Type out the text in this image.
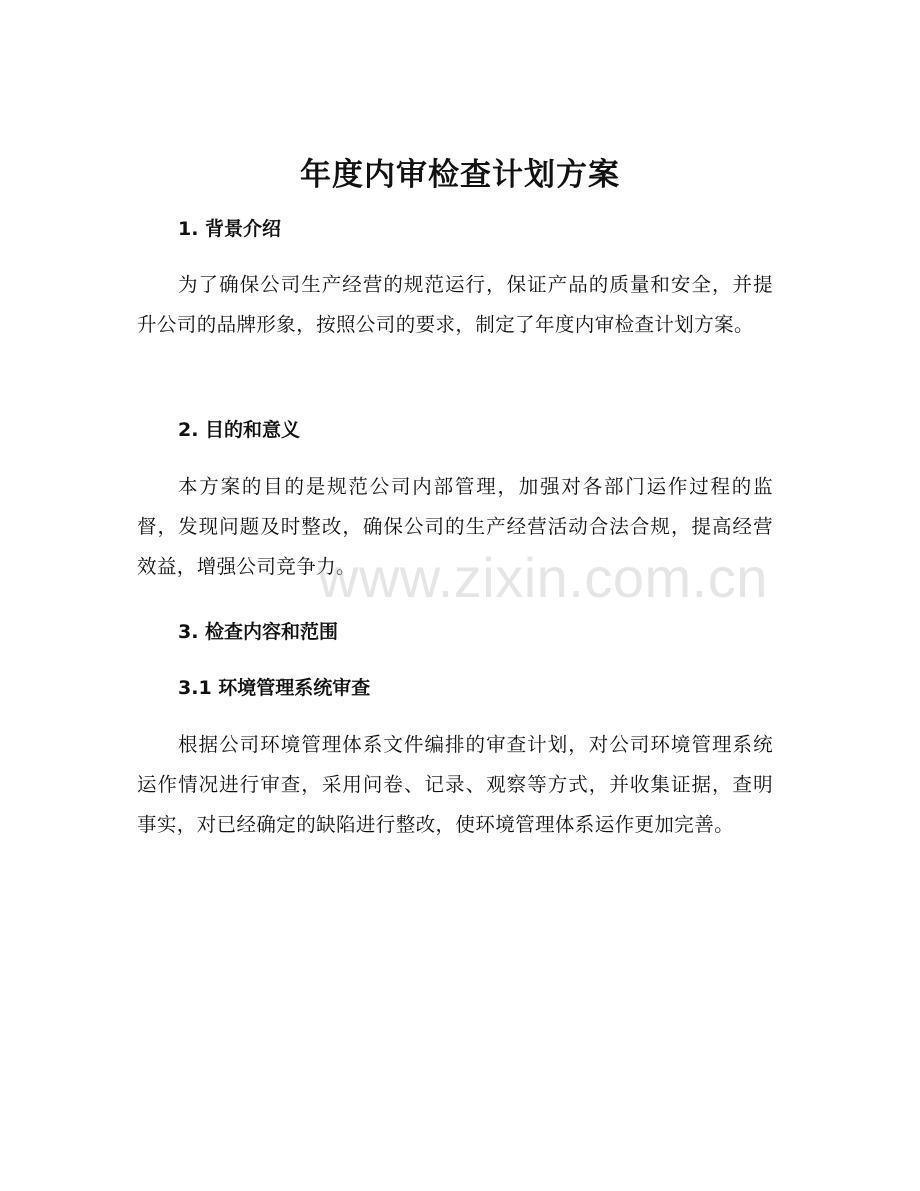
年度内审检查计划方案
1. 背景介绍

为了确保公司生产经营的规范运行，保证产品的质量和安全，并提升公司的品牌形象，按照公司的要求，制定了年度内审检查计划方案。

2. 目的和意义

本方案的目的是规范公司内部管理，加强对各部门运作过程的监督，发现问题及时整改，确保公司的生产经营活动合法合规，提高经营效益，增强公司竞争力。

3. 检查内容和范围
3.1 环境管理系统审查

根据公司环境管理体系文件编排的审查计划，对公司环境管理系统运作情况进行审查，采用问卷、记录、观察等方式，并收集证据，查明事实，对已经确定的缺陷进行整改，使环境管理体系运作更加完善。

www.zixin.com.cn
